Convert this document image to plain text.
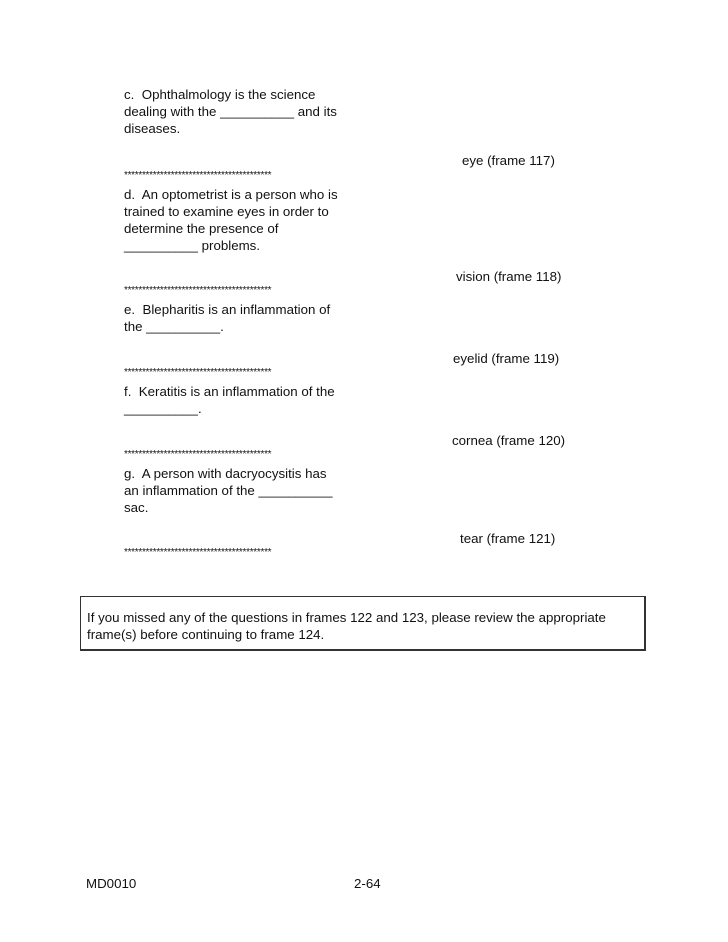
c.  Ophthalmology is the science
dealing with the __________ and its
diseases.
eye (frame 117)
*****************************************
d.  An optometrist is a person who is
trained to examine eyes in order to
determine the presence of
__________ problems.
vision (frame 118)
*****************************************
e.  Blepharitis is an inflammation of
the __________.
eyelid (frame 119)
*****************************************
f.  Keratitis is an inflammation of the
__________.
cornea (frame 120)
*****************************************
g.  A person with dacryocysitis has
an inflammation of the __________
sac.
tear (frame 121)
*****************************************
If you missed any of the questions in frames 122 and 123, please review the appropriate frame(s) before continuing to frame 124.
MD0010	2-64
